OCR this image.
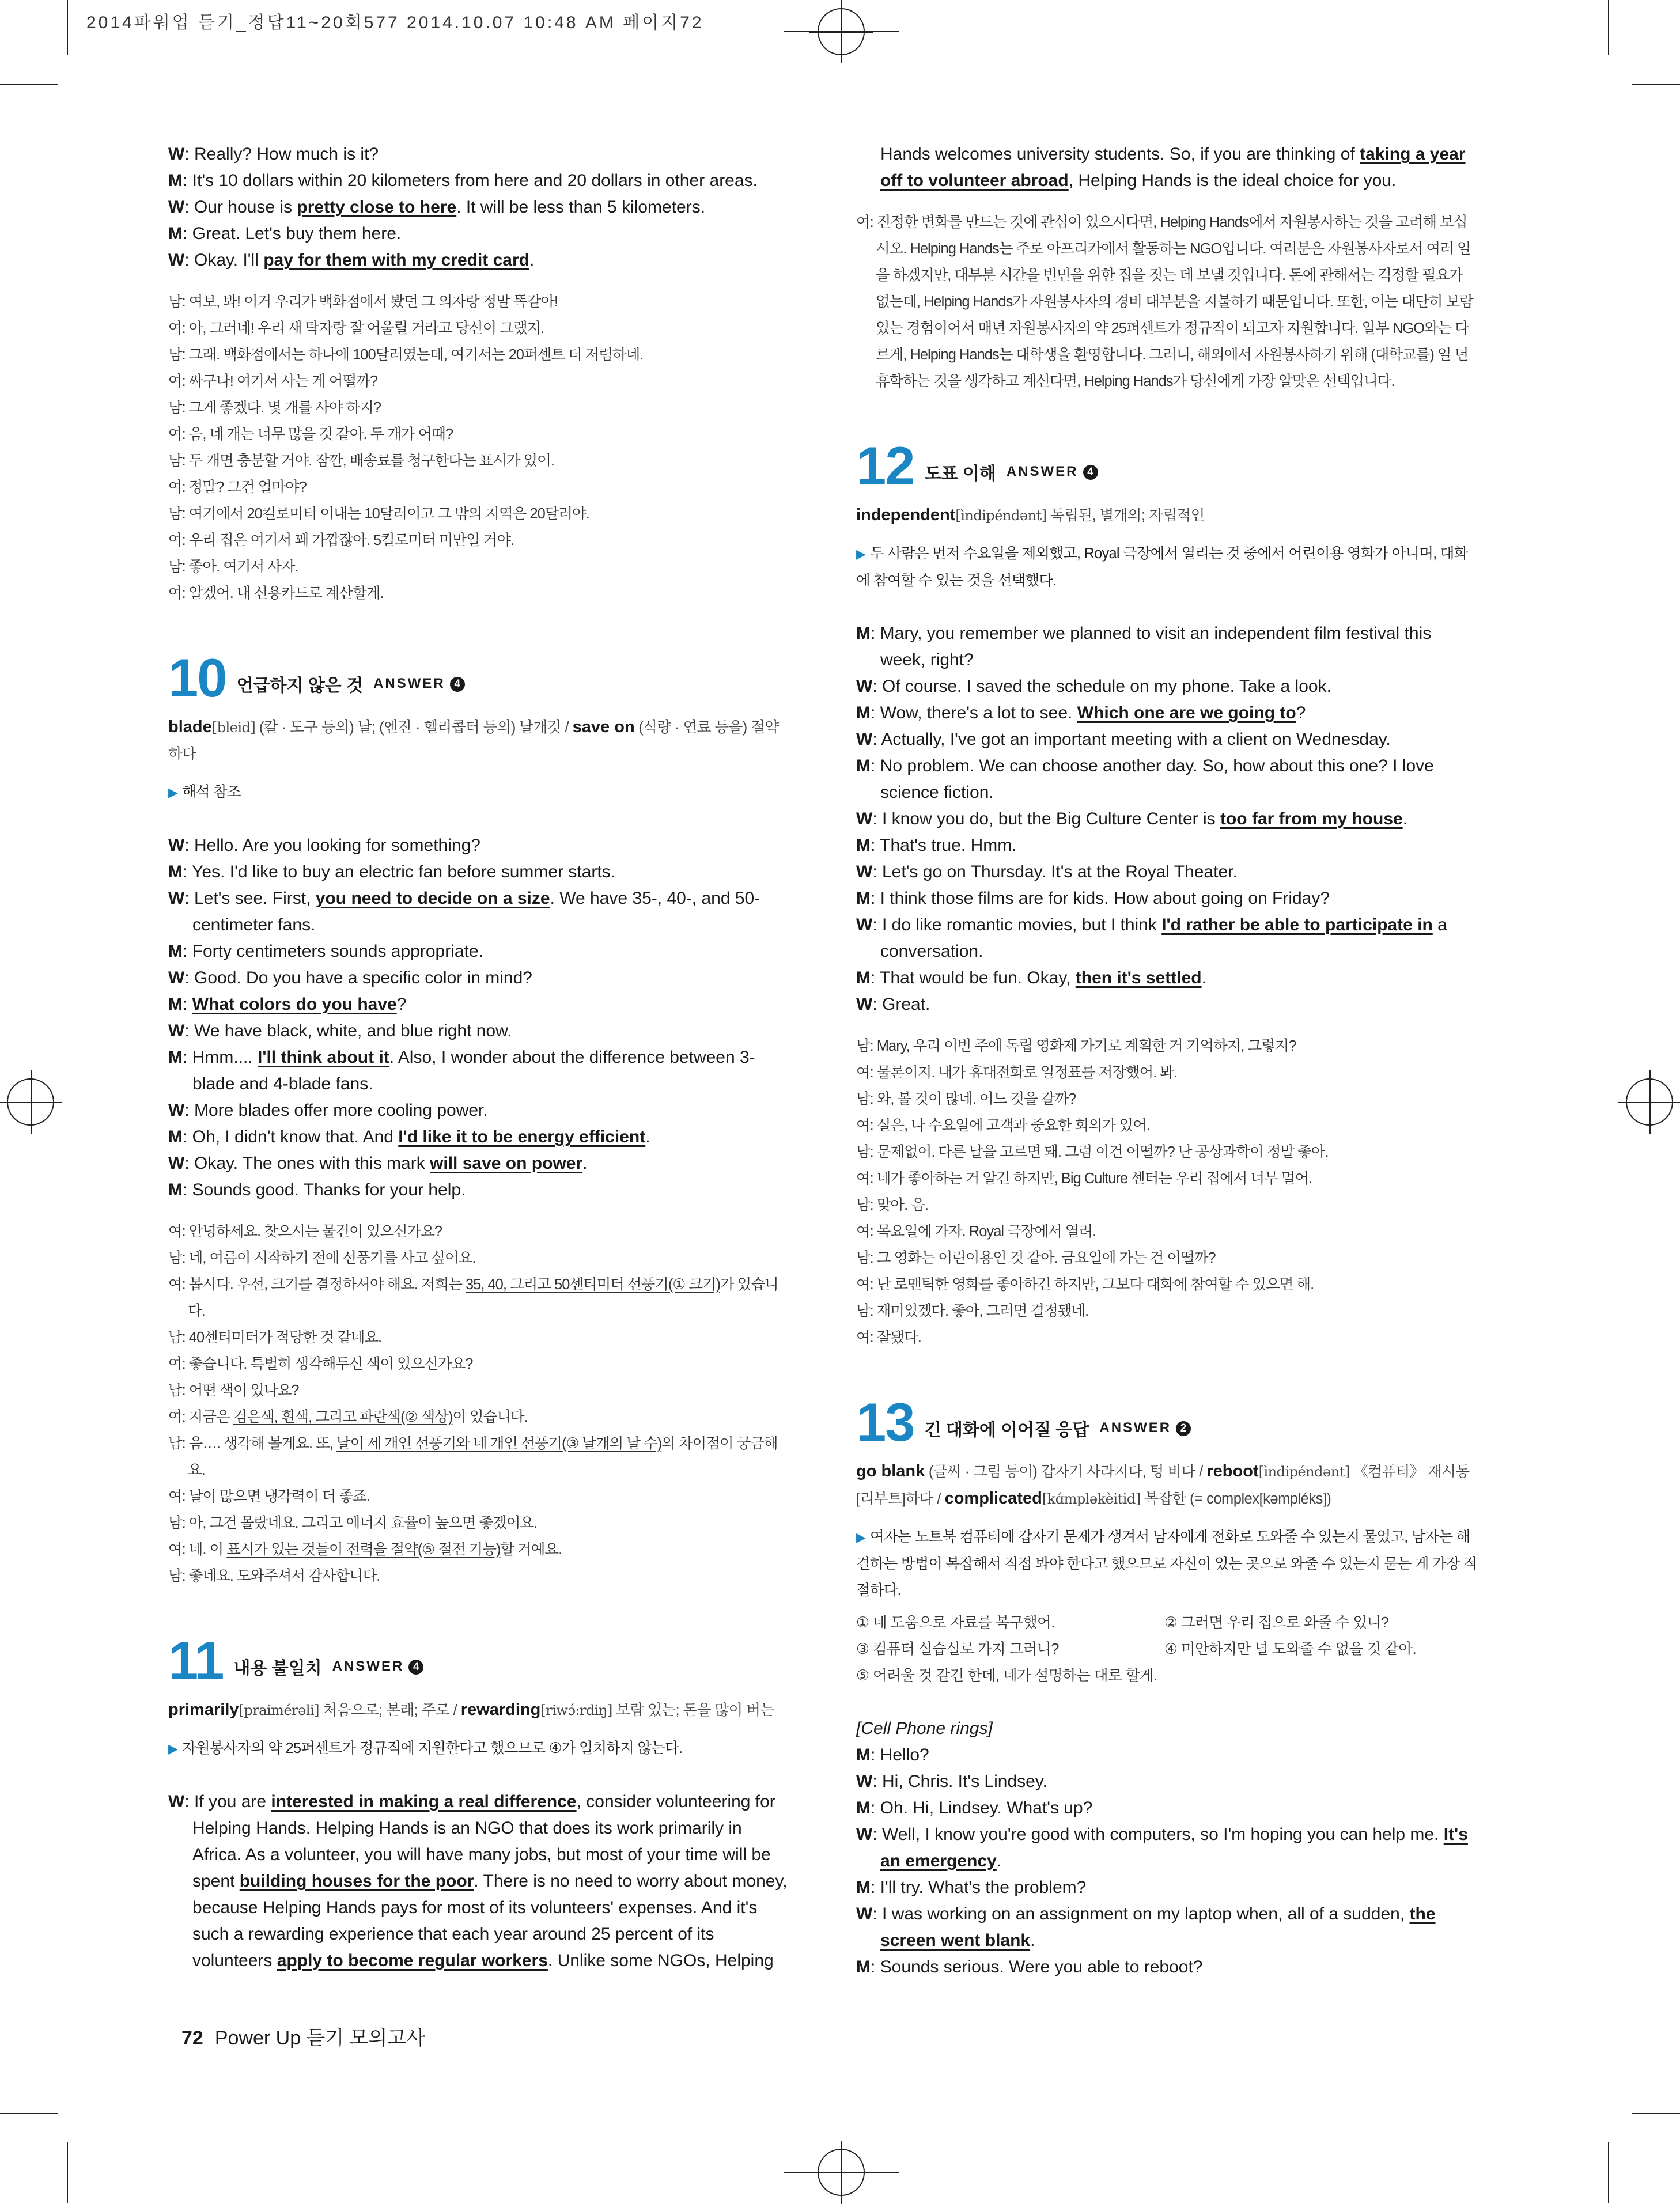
2014파워업 듣기_정답11~20회577 2014.10.07 10:48 AM 페이지72

W: Really? How much is it?

M: It's 10 dollars within 20 kilometers from here and 20 dollars in other areas.

W: Our house is pretty close to here. It will be less than 5 kilometers.

M: Great. Let's buy them here.

W: Okay. I'll pay for them with my credit card.

남: 여보, 봐! 이거 우리가 백화점에서 봤던 그 의자랑 정말 똑같아!

여: 아, 그러네! 우리 새 탁자랑 잘 어울릴 거라고 당신이 그랬지.

남: 그래. 백화점에서는 하나에 100달러였는데, 여기서는 20퍼센트 더 저렴하네.

여: 싸구나! 여기서 사는 게 어떨까?

남: 그게 좋겠다. 몇 개를 사야 하지?

여: 음, 네 개는 너무 많을 것 같아. 두 개가 어때?

남: 두 개면 충분할 거야. 잠깐, 배송료를 청구한다는 표시가 있어.

여: 정말? 그건 얼마야?

남: 여기에서 20킬로미터 이내는 10달러이고 그 밖의 지역은 20달러야.

여: 우리 집은 여기서 꽤 가깝잖아. 5킬로미터 미만일 거야.

남: 좋아. 여기서 사자.

여: 알겠어. 내 신용카드로 계산할게.

10 언급하지 않은 것 ANSWER 4

blade[bleid] (칼 · 도구 등의) 날; (엔진 · 헬리콥터 등의) 날개깃 / save on (식량 · 연료 등을) 절약하다

▶ 해석 참조

W: Hello. Are you looking for something?

M: Yes. I'd like to buy an electric fan before summer starts.

W: Let's see. First, you need to decide on a size. We have 35-, 40-, and 50-centimeter fans.

M: Forty centimeters sounds appropriate.

W: Good. Do you have a specific color in mind?

M: What colors do you have?

W: We have black, white, and blue right now.

M: Hmm.... I'll think about it. Also, I wonder about the difference between 3-blade and 4-blade fans.

W: More blades offer more cooling power.

M: Oh, I didn't know that. And I'd like it to be energy efficient.

W: Okay. The ones with this mark will save on power.

M: Sounds good. Thanks for your help.

여: 안녕하세요. 찾으시는 물건이 있으신가요?

남: 네, 여름이 시작하기 전에 선풍기를 사고 싶어요.

여: 봅시다. 우선, 크기를 결정하셔야 해요. 저희는 35, 40, 그리고 50센티미터 선풍기(① 크기)가 있습니다.

남: 40센티미터가 적당한 것 같네요.

여: 좋습니다. 특별히 생각해두신 색이 있으신가요?

남: 어떤 색이 있나요?

여: 지금은 검은색, 흰색, 그리고 파란색(② 색상)이 있습니다.

남: 음…. 생각해 볼게요. 또, 날이 세 개인 선풍기와 네 개인 선풍기(③ 날개의 날 수)의 차이점이 궁금해요.

여: 날이 많으면 냉각력이 더 좋죠.

남: 아, 그건 몰랐네요. 그리고 에너지 효율이 높으면 좋겠어요.

여: 네. 이 표시가 있는 것들이 전력을 절약(⑤ 절전 기능)할 거예요.

남: 좋네요. 도와주셔서 감사합니다.

11 내용 불일치 ANSWER 4

primarily[praimérəli] 처음으로; 본래; 주로 / rewarding[riwɔ́ːrdiŋ] 보람 있는; 돈을 많이 버는

▶ 자원봉사자의 약 25퍼센트가 정규직에 지원한다고 했으므로 ④가 일치하지 않는다.

W: If you are interested in making a real difference, consider volunteering for Helping Hands. Helping Hands is an NGO that does its work primarily in Africa. As a volunteer, you will have many jobs, but most of your time will be spent building houses for the poor. There is no need to worry about money, because Helping Hands pays for most of its volunteers' expenses. And it's such a rewarding experience that each year around 25 percent of its volunteers apply to become regular workers. Unlike some NGOs, Helping

Hands welcomes university students. So, if you are thinking of taking a year off to volunteer abroad, Helping Hands is the ideal choice for you.

여: 진정한 변화를 만드는 것에 관심이 있으시다면, Helping Hands에서 자원봉사하는 것을 고려해 보십시오. Helping Hands는 주로 아프리카에서 활동하는 NGO입니다. 여러분은 자원봉사자로서 여러 일을 하겠지만, 대부분 시간을 빈민을 위한 집을 짓는 데 보낼 것입니다. 돈에 관해서는 걱정할 필요가 없는데, Helping Hands가 자원봉사자의 경비 대부분을 지불하기 때문입니다. 또한, 이는 대단히 보람 있는 경험이어서 매년 자원봉사자의 약 25퍼센트가 정규직이 되고자 지원합니다. 일부 NGO와는 다르게, Helping Hands는 대학생을 환영합니다. 그러니, 해외에서 자원봉사하기 위해 (대학교를) 일 년 휴학하는 것을 생각하고 계신다면, Helping Hands가 당신에게 가장 알맞은 선택입니다.

12 도표 이해 ANSWER 4

independent[ìndipéndənt] 독립된, 별개의; 자립적인

▶ 두 사람은 먼저 수요일을 제외했고, Royal 극장에서 열리는 것 중에서 어린이용 영화가 아니며, 대화에 참여할 수 있는 것을 선택했다.

M: Mary, you remember we planned to visit an independent film festival this week, right?

W: Of course. I saved the schedule on my phone. Take a look.

M: Wow, there's a lot to see. Which one are we going to?

W: Actually, I've got an important meeting with a client on Wednesday.

M: No problem. We can choose another day. So, how about this one? I love science fiction.

W: I know you do, but the Big Culture Center is too far from my house.

M: That's true. Hmm.

W: Let's go on Thursday. It's at the Royal Theater.

M: I think those films are for kids. How about going on Friday?

W: I do like romantic movies, but I think I'd rather be able to participate in a conversation.

M: That would be fun. Okay, then it's settled.

W: Great.

남: Mary, 우리 이번 주에 독립 영화제 가기로 계획한 거 기억하지, 그렇지?

여: 물론이지. 내가 휴대전화로 일정표를 저장했어. 봐.

남: 와, 볼 것이 많네. 어느 것을 갈까?

여: 실은, 나 수요일에 고객과 중요한 회의가 있어.

남: 문제없어. 다른 날을 고르면 돼. 그럼 이건 어떨까? 난 공상과학이 정말 좋아.

여: 네가 좋아하는 거 알긴 하지만, Big Culture 센터는 우리 집에서 너무 멀어.

남: 맞아. 음.

여: 목요일에 가자. Royal 극장에서 열려.

남: 그 영화는 어린이용인 것 같아. 금요일에 가는 건 어떨까?

여: 난 로맨틱한 영화를 좋아하긴 하지만, 그보다 대화에 참여할 수 있으면 해.

남: 재미있겠다. 좋아, 그러면 결정됐네.

여: 잘됐다.

13 긴 대화에 이어질 응답 ANSWER 2

go blank (글씨 · 그림 등이) 갑자기 사라지다, 텅 비다 / reboot[ìndipéndənt] 《컴퓨터》 재시동[리부트]하다 / complicated[kɑ́mpləkèitid] 복잡한 (= complex[kəmpléks])

▶ 여자는 노트북 컴퓨터에 갑자기 문제가 생겨서 남자에게 전화로 도와줄 수 있는지 물었고, 남자는 해결하는 방법이 복잡해서 직접 봐야 한다고 했으므로 자신이 있는 곳으로 와줄 수 있는지 묻는 게 가장 적절하다.

① 네 도움으로 자료를 복구했어.	② 그러면 우리 집으로 와줄 수 있니?
③ 컴퓨터 실습실로 가지 그러니?	④ 미안하지만 널 도와줄 수 없을 것 같아.
⑤ 어려울 것 같긴 한데, 네가 설명하는 대로 할게.

[Cell Phone rings]

M: Hello?

W: Hi, Chris. It's Lindsey.

M: Oh. Hi, Lindsey. What's up?

W: Well, I know you're good with computers, so I'm hoping you can help me. It's an emergency.

M: I'll try. What's the problem?

W: I was working on an assignment on my laptop when, all of a sudden, the screen went blank.

M: Sounds serious. Were you able to reboot?

72 Power Up 듣기 모의고사
